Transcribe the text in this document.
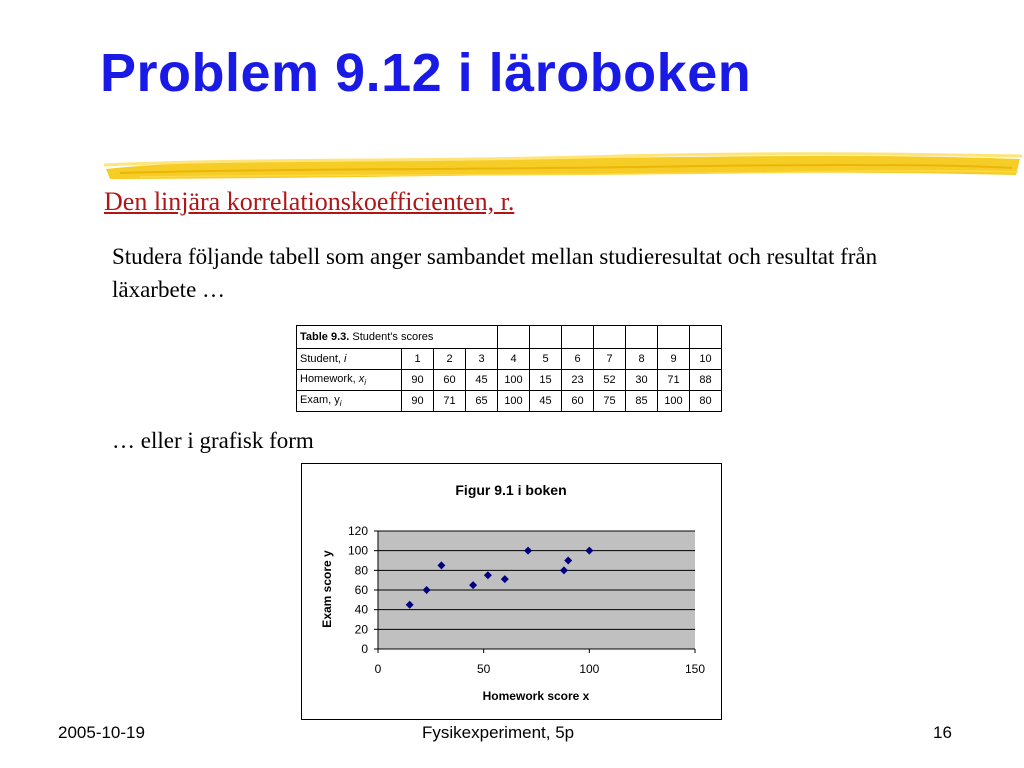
Problem 9.12 i läroboken
Den linjära korrelationskoefficienten, r.
Studera följande tabell som anger sambandet mellan studieresultat och resultat från läxarbete …
Table 9.3. Student's scores										
Student, i	1	2	3	4	5	6	7	8	9	10
Homework, $x_i$	90	60	45	100	15	23	52	30	71	88
Exam, $y_i$	90	71	65	100	45	60	75	85	100	80
… eller i grafisk form
0
20
40
60
80
100
120
0	50	100	150
Figur 9.1 i boken
Homework score x
Exam score y
2005-10-19	Fysikexperiment, 5p	16
